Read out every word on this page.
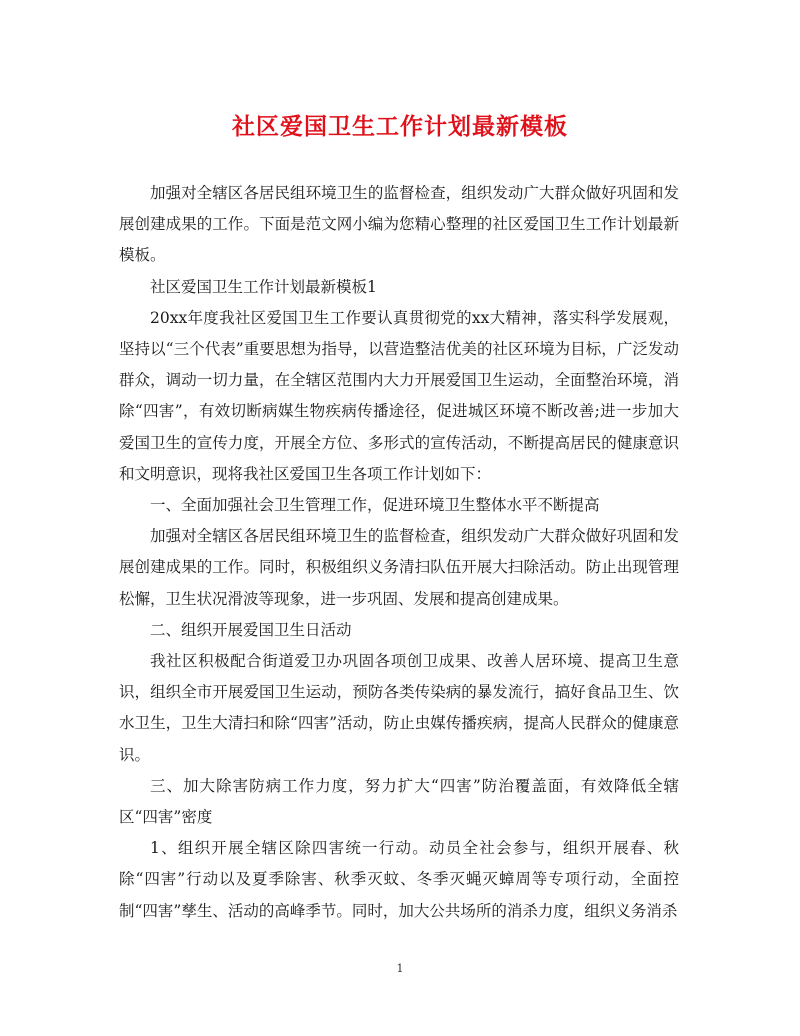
社区爱国卫生工作计划最新模板

加强对全辖区各居民组环境卫生的监督检查，组织发动广大群众做好巩固和发展创建成果的工作。下面是范文网小编为您精心整理的社区爱国卫生工作计划最新模板。

社区爱国卫生工作计划最新模板1

20xx年度我社区爱国卫生工作要认真贯彻党的xx大精神，落实科学发展观，坚持以“三个代表”重要思想为指导，以营造整洁优美的社区环境为目标，广泛发动群众，调动一切力量，在全辖区范围内大力开展爱国卫生运动，全面整治环境，消除“四害”，有效切断病媒生物疾病传播途径，促进城区环境不断改善;进一步加大爱国卫生的宣传力度，开展全方位、多形式的宣传活动，不断提高居民的健康意识和文明意识，现将我社区爱国卫生各项工作计划如下：

一、全面加强社会卫生管理工作，促进环境卫生整体水平不断提高

加强对全辖区各居民组环境卫生的监督检查，组织发动广大群众做好巩固和发展创建成果的工作。同时，积极组织义务清扫队伍开展大扫除活动。防止出现管理松懈，卫生状况滑波等现象，进一步巩固、发展和提高创建成果。

二、组织开展爱国卫生日活动

我社区积极配合街道爱卫办巩固各项创卫成果、改善人居环境、提高卫生意识，组织全市开展爱国卫生运动，预防各类传染病的暴发流行，搞好食品卫生、饮水卫生，卫生大清扫和除“四害”活动，防止虫媒传播疾病，提高人民群众的健康意识。

三、加大除害防病工作力度，努力扩大“四害”防治覆盖面，有效降低全辖区“四害”密度

1、组织开展全辖区除四害统一行动。动员全社会参与，组织开展春、秋除“四害”行动以及夏季除害、秋季灭蚊、冬季灭蝇灭蟑周等专项行动，全面控制“四害”孳生、活动的高峰季节。同时，加大公共场所的消杀力度，组织义务消杀

1
